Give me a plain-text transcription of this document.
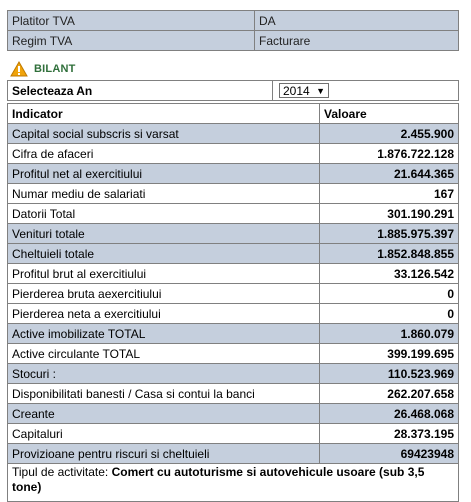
Platitor TVA	DA
Regim TVA	Facturare
BILANT
Selecteaza An	2014 ▼
Indicator	Valoare
Capital social subscris si varsat	2.455.900
Cifra de afaceri	1.876.722.128
Profitul net al exercitiului	21.644.365
Numar mediu de salariati	167
Datorii Total	301.190.291
Venituri totale	1.885.975.397
Cheltuieli totale	1.852.848.855
Profitul brut al exercitiului	33.126.542
Pierderea bruta aexercitiului	0
Pierderea neta a exercitiului	0
Active imobilizate TOTAL	1.860.079
Active circulante TOTAL	399.199.695
Stocuri :	110.523.969
Disponibilitati banesti / Casa si contui la banci	262.207.658
Creante	26.468.068
Capitaluri	28.373.195
Provizioane pentru riscuri si cheltuieli	69423948
Tipul de activitate: Comert cu autoturisme si autovehicule usoare (sub 3,5 tone)	
